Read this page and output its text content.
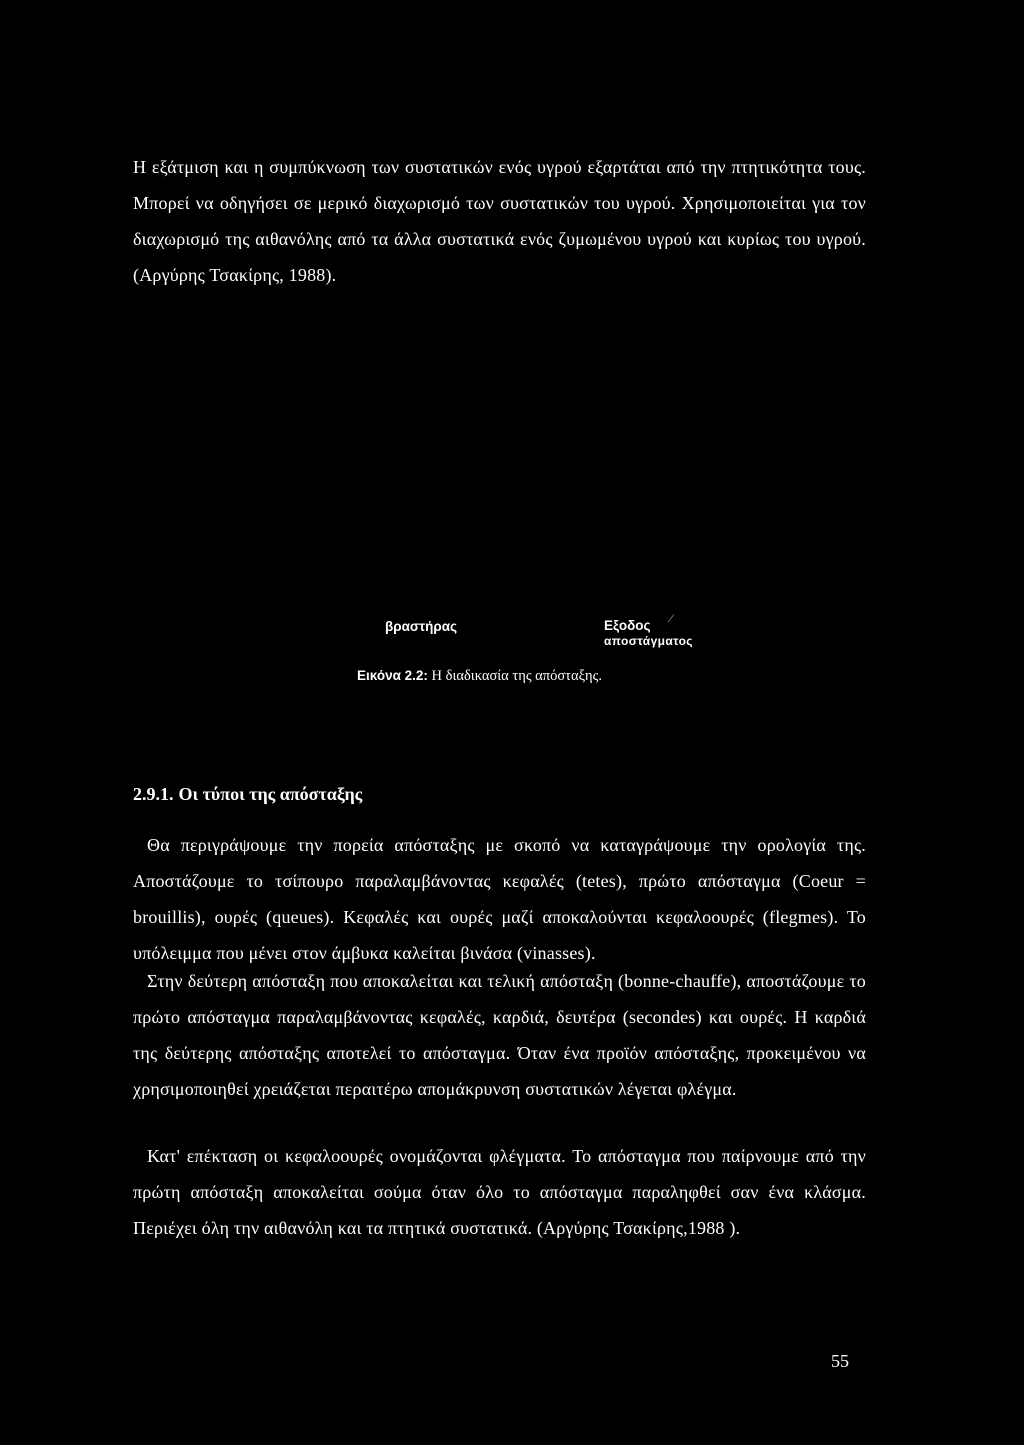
Η εξάτμιση και η συμπύκνωση των συστατικών ενός υγρού εξαρτάται από την πτητικότητα τους. Μπορεί να οδηγήσει σε μερικό διαχωρισμό των συστατικών του υγρού. Χρησιμοποιείται για τον διαχωρισμό της αιθανόλης από τα άλλα συστατικά ενός ζυμωμένου υγρού και κυρίως του υγρού. (Αργύρης Τσακίρης, 1988).

βραστήρας	Εξοδος
αποστάγματος
⁄
Εικόνα 2.2: Η διαδικασία της απόσταξης.
2.9.1. Οι τύποι της απόσταξης

Θα περιγράψουμε την πορεία απόσταξης με σκοπό να καταγράψουμε την ορολογία της. Αποστάζουμε το τσίπουρο παραλαμβάνοντας κεφαλές (tetes), πρώτο απόσταγμα (Coeur = brouillis), ουρές (queues). Κεφαλές και ουρές μαζί αποκαλούνται κεφαλοουρές (flegmes). Το υπόλειμμα που μένει στον άμβυκα καλείται βινάσα (vinasses).

Στην δεύτερη απόσταξη που αποκαλείται και τελική απόσταξη (bonne-chauffe), αποστάζουμε το πρώτο απόσταγμα παραλαμβάνοντας κεφαλές, καρδιά, δευτέρα (secondes) και ουρές. Η καρδιά της δεύτερης απόσταξης αποτελεί το απόσταγμα. Όταν ένα προϊόν απόσταξης, προκειμένου να χρησιμοποιηθεί χρειάζεται περαιτέρω απομάκρυνση συστατικών λέγεται φλέγμα.

Κατ' επέκταση οι κεφαλοουρές ονομάζονται φλέγματα. Το απόσταγμα που παίρνουμε από την πρώτη απόσταξη αποκαλείται σούμα όταν όλο το απόσταγμα παραληφθεί σαν ένα κλάσμα. Περιέχει όλη την αιθανόλη και τα πτητικά συστατικά. (Αργύρης Τσακίρης,1988 ).

55
